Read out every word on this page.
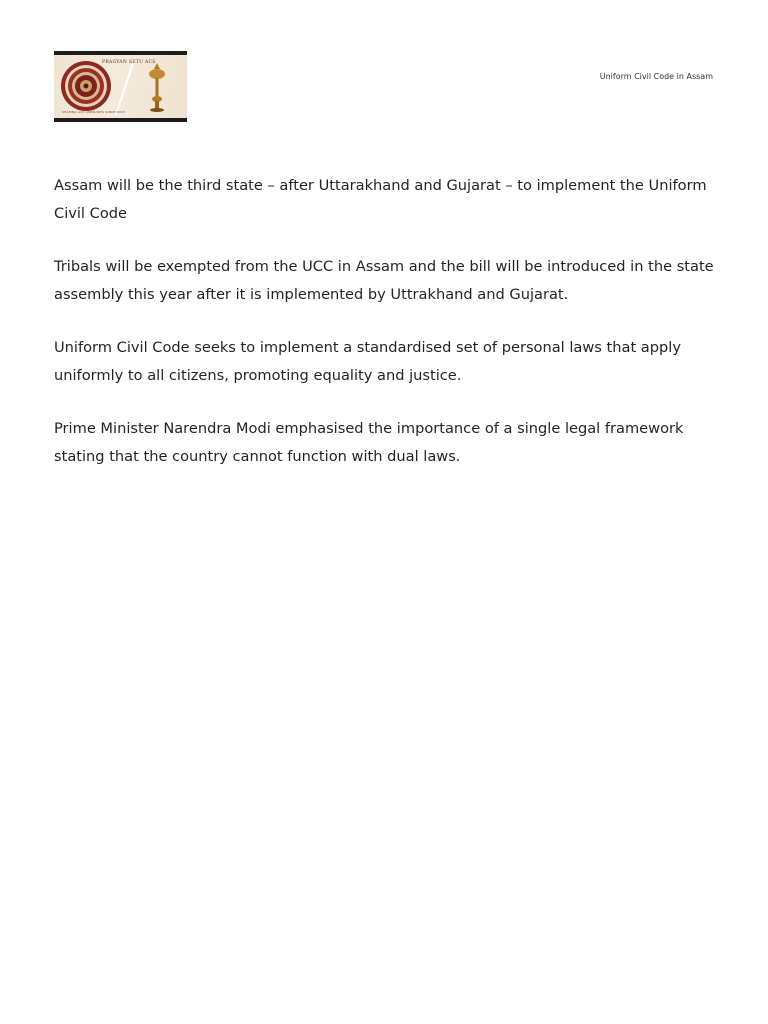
PRAGYAN SETU ACS
SHAPING ACS ASPIRANTS SINCE 2015
Uniform Civil Code in Assam

Assam will be the third state – after Uttarakhand and Gujarat – to implement the Uniform Civil Code

Tribals will be exempted from the UCC in Assam and the bill will be introduced in the state assembly this year after it is implemented by Uttrakhand and Gujarat.

Uniform Civil Code seeks to implement a standardised set of personal laws that apply uniformly to all citizens, promoting equality and justice.

Prime Minister Narendra Modi emphasised the importance of a single legal framework stating that the country cannot function with dual laws.
